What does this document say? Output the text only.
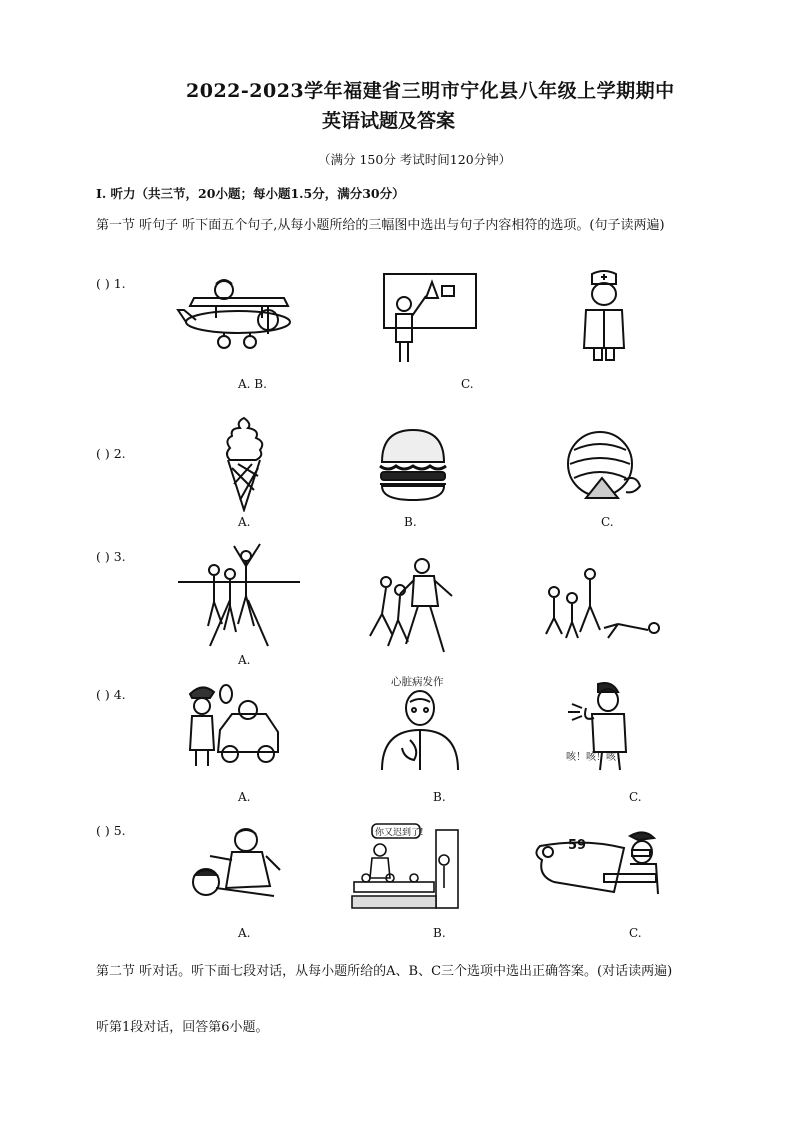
2022-2023学年福建省三明市宁化县八年级上学期期中
英语试题及答案
（满分 150分 考试时间120分钟）
I. 听力（共三节，20小题；每小题1.5分，满分30分）
第一节 听句子 听下面五个句子,从每小题所给的三幅图中选出与句子内容相符的选项。(句子读两遍)
( ) 1.
A. B.	C.
( ) 2.
A.	B.	C.
( ) 3.
A.
( ) 4.
心脏病发作
咳！咳！咳！
A.	B.	C.
( ) 5.	你又迟到了!
59
A.	B.	C.
第二节 听对话。听下面七段对话，从每小题所给的A、B、C三个选项中选出正确答案。(对话读两遍)
听第1段对话，回答第6小题。
